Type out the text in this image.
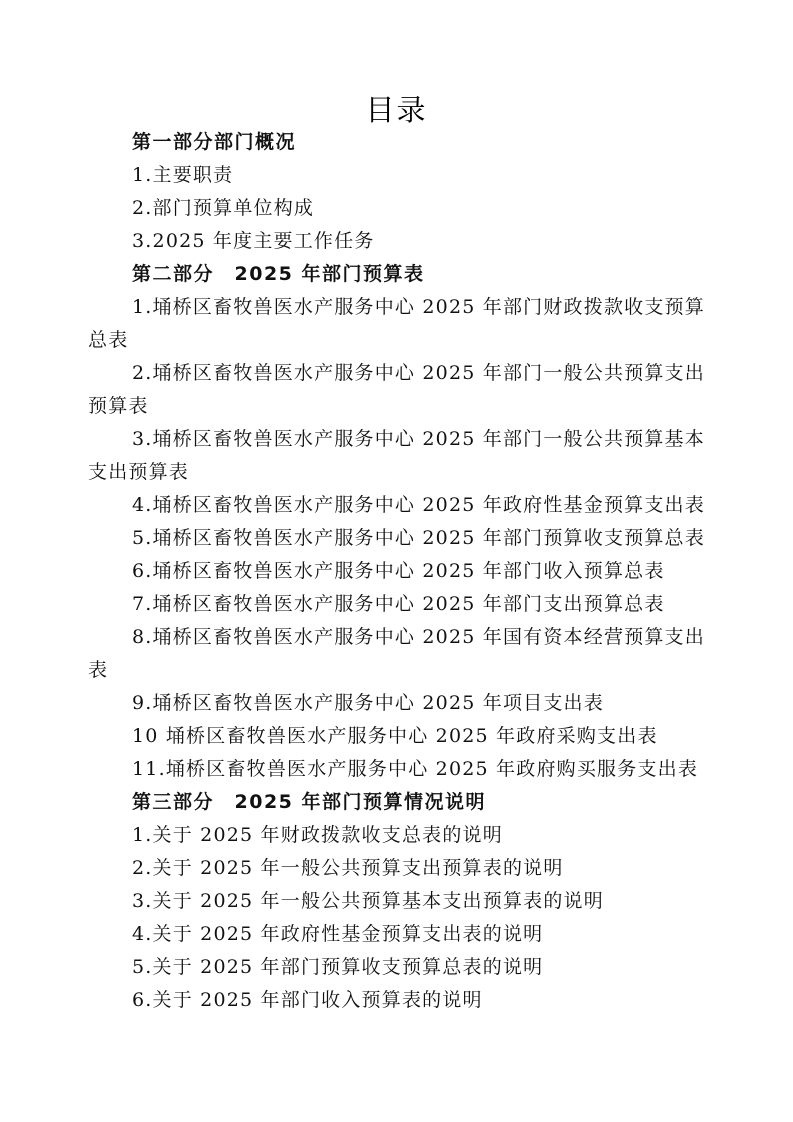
目录
第一部分部门概况
1.主要职责
2.部门预算单位构成
3.2025 年度主要工作任务
第二部分　2025 年部门预算表
1.埇桥区畜牧兽医水产服务中心 2025 年部门财政拨款收支预算
总表
2.埇桥区畜牧兽医水产服务中心 2025 年部门一般公共预算支出
预算表
3.埇桥区畜牧兽医水产服务中心 2025 年部门一般公共预算基本
支出预算表
4.埇桥区畜牧兽医水产服务中心 2025 年政府性基金预算支出表
5.埇桥区畜牧兽医水产服务中心 2025 年部门预算收支预算总表
6.埇桥区畜牧兽医水产服务中心 2025 年部门收入预算总表
7.埇桥区畜牧兽医水产服务中心 2025 年部门支出预算总表
8.埇桥区畜牧兽医水产服务中心 2025 年国有资本经营预算支出
表
9.埇桥区畜牧兽医水产服务中心 2025 年项目支出表
10 埇桥区畜牧兽医水产服务中心 2025 年政府采购支出表
11.埇桥区畜牧兽医水产服务中心 2025 年政府购买服务支出表
第三部分　2025 年部门预算情况说明
1.关于 2025 年财政拨款收支总表的说明
2.关于 2025 年一般公共预算支出预算表的说明
3.关于 2025 年一般公共预算基本支出预算表的说明
4.关于 2025 年政府性基金预算支出表的说明
5.关于 2025 年部门预算收支预算总表的说明
6.关于 2025 年部门收入预算表的说明
